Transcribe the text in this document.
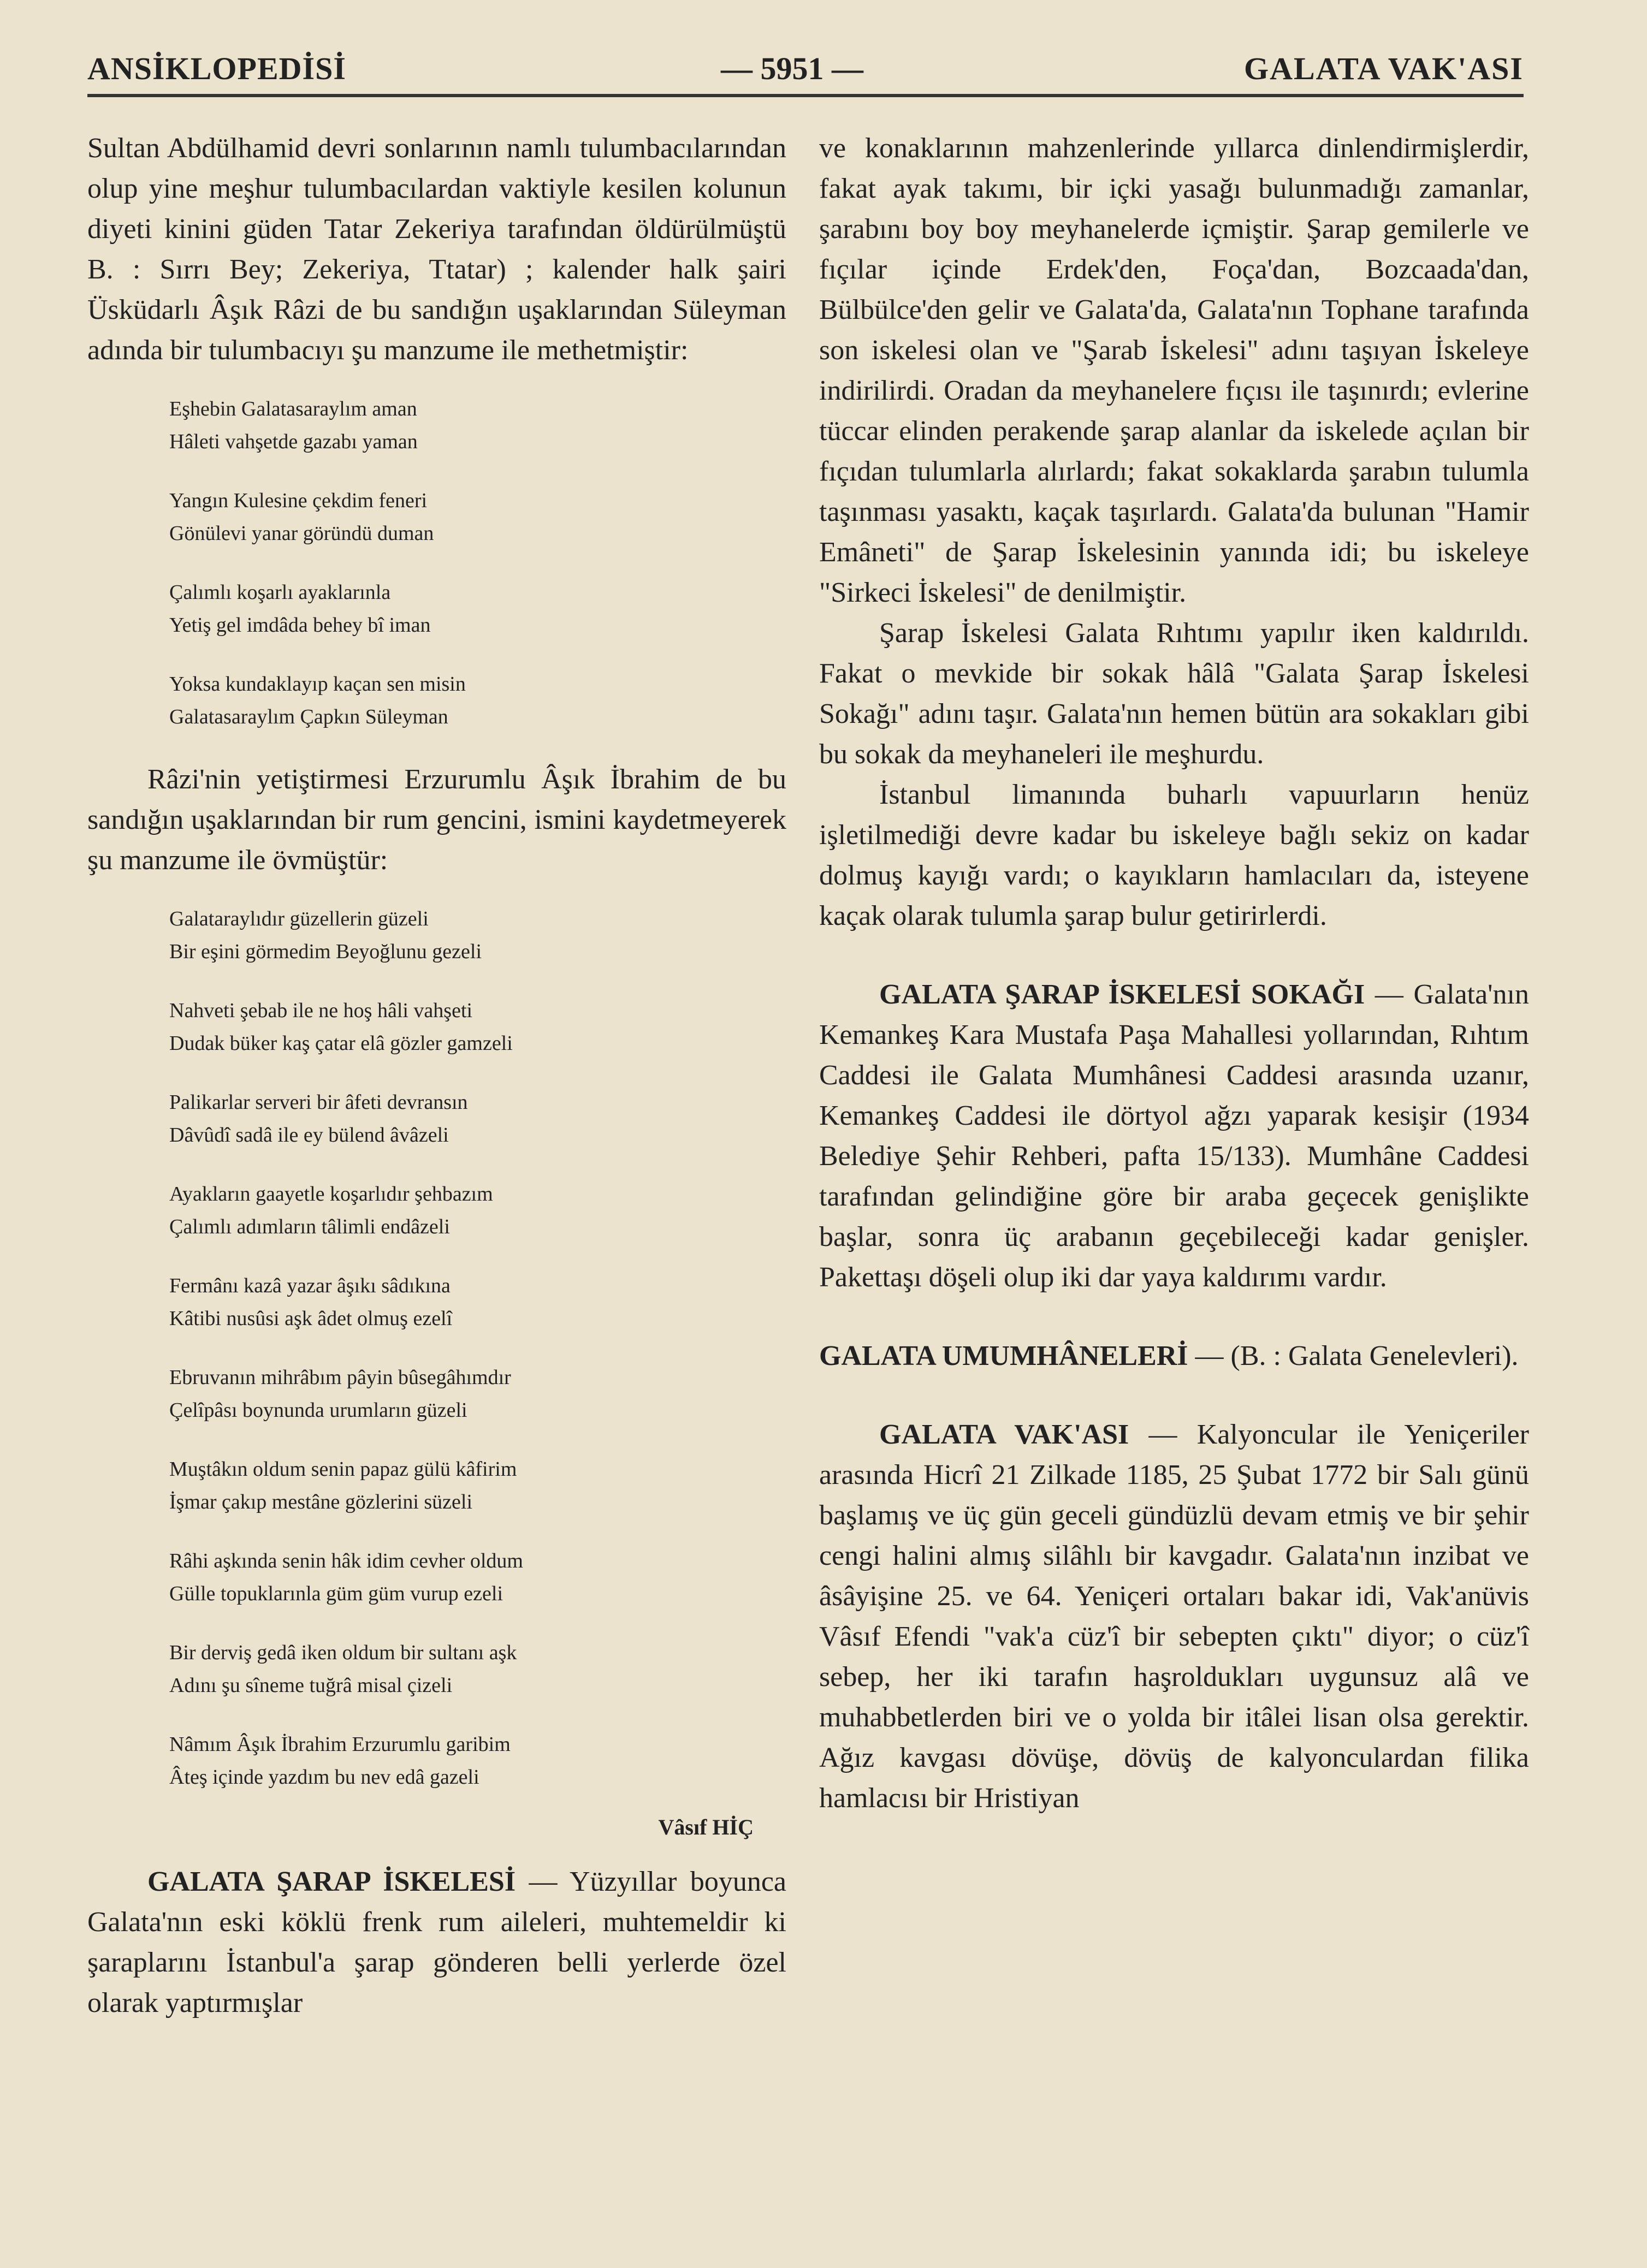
ANSİKLOPEDİSİ	— 5951 —	GALATA VAK'ASI

Sultan Abdülhamid devri sonlarının namlı tulumbacılarından olup yine meşhur tulumbacılardan vaktiyle kesilen kolunun diyeti kinini güden Tatar Zekeriya tarafından öldürülmüştü B. : Sırrı Bey; Zekeriya, Ttatar) ; kalender halk şairi Üsküdarlı Âşık Râzi de bu sandığın uşaklarından Süleyman adında bir tulumbacıyı şu manzume ile methetmiştir:

Eşhebin Galatasaraylım aman
Hâleti vahşetde gazabı yaman
Yangın Kulesine çekdim feneri
Gönülevi yanar göründü duman
Çalımlı koşarlı ayaklarınla
Yetiş gel imdâda behey bî iman
Yoksa kundaklayıp kaçan sen misin
Galatasaraylım Çapkın Süleyman

Râzi'nin yetiştirmesi Erzurumlu Âşık İbrahim de bu sandığın uşaklarından bir rum gencini, ismini kaydetmeyerek şu manzume ile övmüştür:

Galataraylıdır güzellerin güzeli
Bir eşini görmedim Beyoğlunu gezeli
Nahveti şebab ile ne hoş hâli vahşeti
Dudak büker kaş çatar elâ gözler gamzeli
Palikarlar serveri bir âfeti devransın
Dâvûdî sadâ ile ey bülend âvâzeli
Ayakların gaayetle koşarlıdır şehbazım
Çalımlı adımların tâlimli endâzeli
Fermânı kazâ yazar âşıkı sâdıkına
Kâtibi nusûsi aşk âdet olmuş ezelî
Ebruvanın mihrâbım pâyin bûsegâhımdır
Çelîpâsı boynunda urumların güzeli
Muştâkın oldum senin papaz gülü kâfirim
İşmar çakıp mestâne gözlerini süzeli
Râhi aşkında senin hâk idim cevher oldum
Gülle topuklarınla güm güm vurup ezeli
Bir derviş gedâ iken oldum bir sultanı aşk
Adını şu sîneme tuğrâ misal çizeli
Nâmım Âşık İbrahim Erzurumlu garibim
Âteş içinde yazdım bu nev edâ gazeli
Vâsıf HİÇ

GALATA ŞARAP İSKELESİ — Yüzyıllar boyunca Galata'nın eski köklü frenk rum aileleri, muhtemeldir ki şaraplarını İstanbul'a şarap gönderen belli yerlerde özel olarak yaptırmışlar

ve konaklarının mahzenlerinde yıllarca dinlendirmişlerdir, fakat ayak takımı, bir içki yasağı bulunmadığı zamanlar, şarabını boy boy meyhanelerde içmiştir. Şarap gemilerle ve fıçılar içinde Erdek'den, Foça'dan, Bozcaada'dan, Bülbülce'den gelir ve Galata'da, Galata'nın Tophane tarafında son iskelesi olan ve "Şarab İskelesi" adını taşıyan İskeleye indirilirdi. Oradan da meyhanelere fıçısı ile taşınırdı; evlerine tüccar elinden perakende şarap alanlar da iskelede açılan bir fıçıdan tulumlarla alırlardı; fakat sokaklarda şarabın tulumla taşınması yasaktı, kaçak taşırlardı. Galata'da bulunan "Hamir Emâneti" de Şarap İskelesinin yanında idi; bu iskeleye "Sirkeci İskelesi" de denilmiştir.

Şarap İskelesi Galata Rıhtımı yapılır iken kaldırıldı. Fakat o mevkide bir sokak hâlâ "Galata Şarap İskelesi Sokağı" adını taşır. Galata'nın hemen bütün ara sokakları gibi bu sokak da meyhaneleri ile meşhurdu.

İstanbul limanında buharlı vapuurların henüz işletilmediği devre kadar bu iskeleye bağlı sekiz on kadar dolmuş kayığı vardı; o kayıkların hamlacıları da, isteyene kaçak olarak tulumla şarap bulur getirirlerdi.

GALATA ŞARAP İSKELESİ SOKAĞI — Galata'nın Kemankeş Kara Mustafa Paşa Mahallesi yollarından, Rıhtım Caddesi ile Galata Mumhânesi Caddesi arasında uzanır, Kemankeş Caddesi ile dörtyol ağzı yaparak kesişir (1934 Belediye Şehir Rehberi, pafta 15/133). Mumhâne Caddesi tarafından gelindiğine göre bir araba geçecek genişlikte başlar, sonra üç arabanın geçebileceği kadar genişler. Pakettaşı döşeli olup iki dar yaya kaldırımı vardır.

GALATA UMUMHÂNELERİ — (B. : Galata Genelevleri).

GALATA VAK'ASI — Kalyoncular ile Yeniçeriler arasında Hicrî 21 Zilkade 1185, 25 Şubat 1772 bir Salı günü başlamış ve üç gün geceli gündüzlü devam etmiş ve bir şehir cengi halini almış silâhlı bir kavgadır. Galata'nın inzibat ve âsâyişine 25. ve 64. Yeniçeri ortaları bakar idi, Vak'anüvis Vâsıf Efendi "vak'a cüz'î bir sebepten çıktı" diyor; o cüz'î sebep, her iki tarafın haşroldukları uygunsuz alâ ve muhabbetlerden biri ve o yolda bir itâlei lisan olsa gerektir. Ağız kavgası dövüşe, dövüş de kalyonculardan filika hamlacısı bir Hristiyan
